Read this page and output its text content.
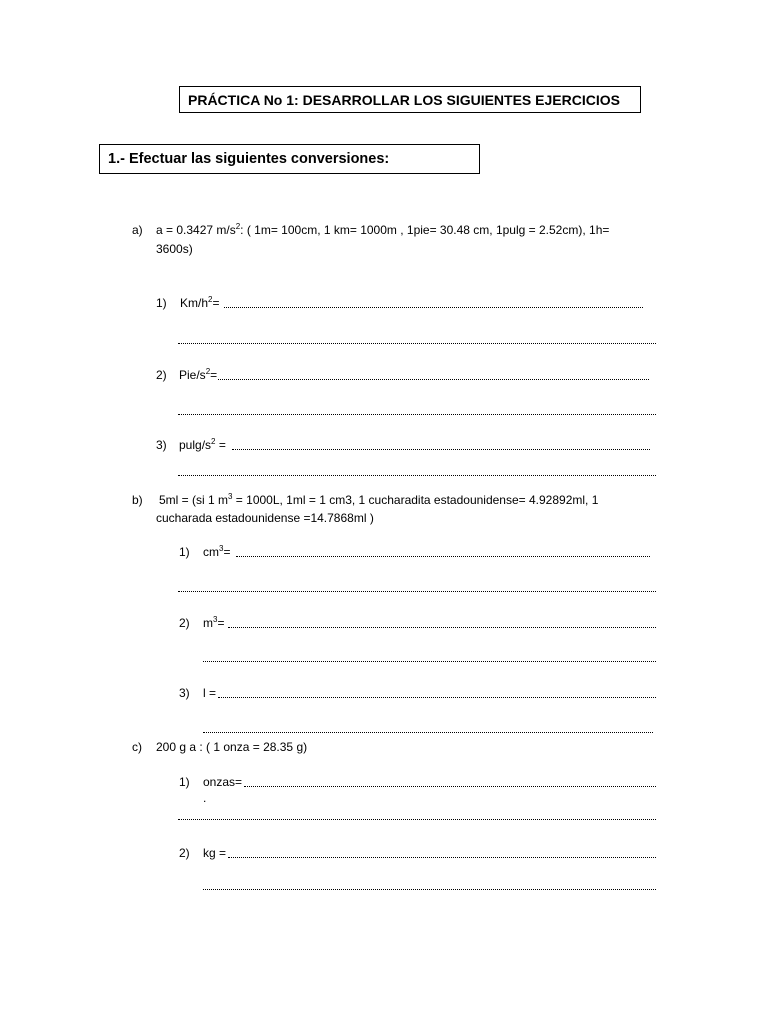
PRÁCTICA No 1: DESARROLLAR LOS SIGUIENTES EJERCICIOS
1.- Efectuar las siguientes conversiones:
a) a = 0.3427 $m/s^2$: ( 1m= 100cm, 1 km= 1000m , 1pie= 30.48 cm, 1pulg = 2.52cm), 1h=
3600s)
1) $Km/h^2=$
2) Pie/$s^2=$
3) pulg/$s^2$ =
b) 5ml = (si 1 $m^3 = 1000L$, 1ml = 1 cm3, 1 cucharadita estadounidense= 4.92892ml, 1
cucharada estadounidense =14.7868ml )
1) $cm^3=$
2) $m^3=$
3) l =
c) 200 g a : ( 1 onza = 28.35 g)
1) onzas=
.
2) kg =
